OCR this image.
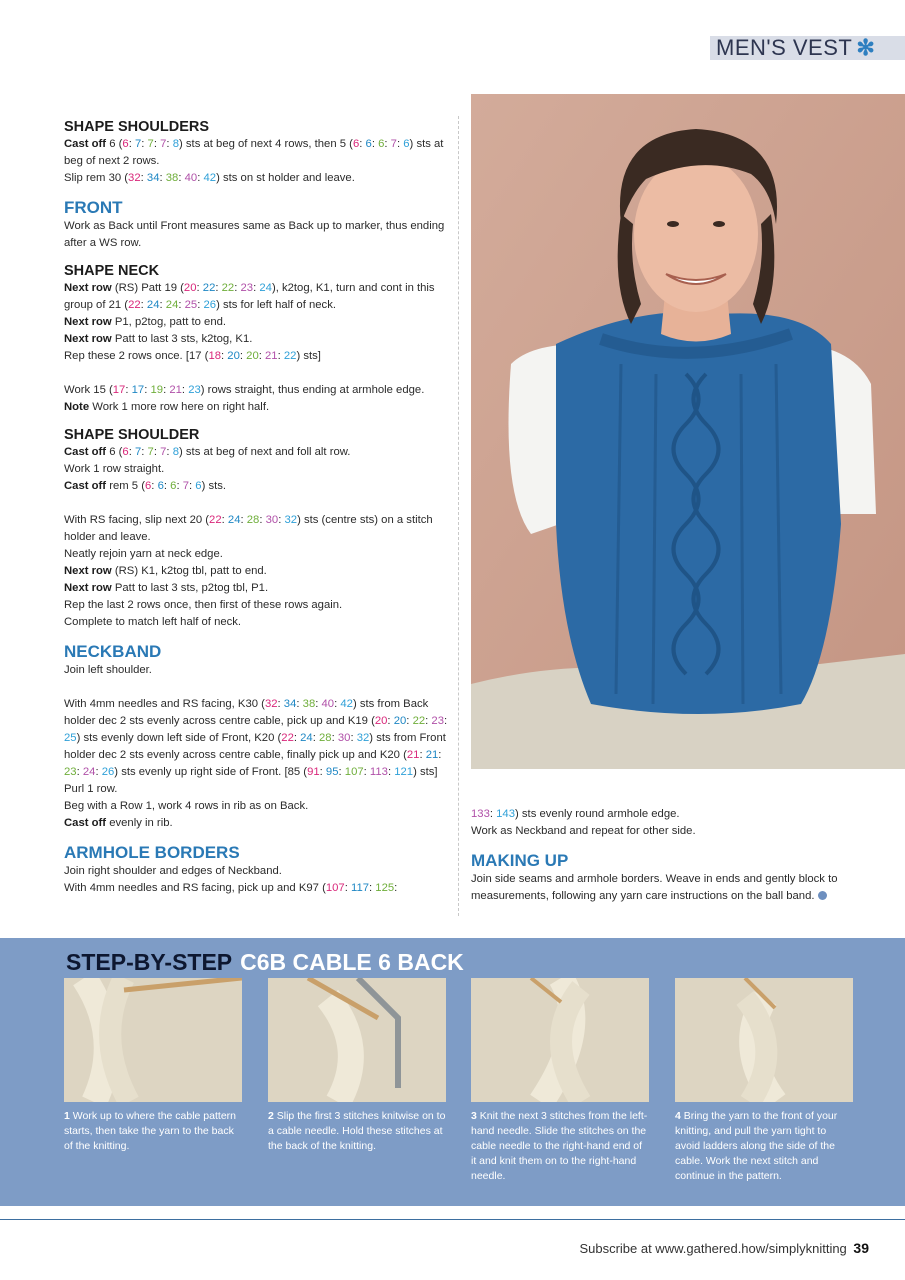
MEN'S VEST ✻
SHAPE SHOULDERS

Cast off 6 (6: 7: 7: 7: 8) sts at beg of next 4 rows, then 5 (6: 6: 6: 7: 6) sts at beg of next 2 rows.
Slip rem 30 (32: 34: 38: 40: 42) sts on st holder and leave.

FRONT

Work as Back until Front measures same as Back up to marker, thus ending after a WS row.

SHAPE NECK

Next row (RS) Patt 19 (20: 22: 22: 23: 24), k2tog, K1, turn and cont in this group of 21 (22: 24: 24: 25: 26) sts for left half of neck.
Next row P1, p2tog, patt to end.
Next row Patt to last 3 sts, k2tog, K1.
Rep these 2 rows once. [17 (18: 20: 20: 21: 22) sts]

Work 15 (17: 17: 19: 21: 23) rows straight, thus ending at armhole edge.
Note Work 1 more row here on right half.

SHAPE SHOULDER

Cast off 6 (6: 7: 7: 7: 8) sts at beg of next and foll alt row.
Work 1 row straight.
Cast off rem 5 (6: 6: 6: 7: 6) sts.

With RS facing, slip next 20 (22: 24: 28: 30: 32) sts (centre sts) on a stitch holder and leave.
Neatly rejoin yarn at neck edge.
Next row (RS) K1, k2tog tbl, patt to end.
Next row Patt to last 3 sts, p2tog tbl, P1.
Rep the last 2 rows once, then first of these rows again.
Complete to match left half of neck.

NECKBAND

Join left shoulder.

With 4mm needles and RS facing, K30 (32: 34: 38: 40: 42) sts from Back holder dec 2 sts evenly across centre cable, pick up and K19 (20: 20: 22: 23: 25) sts evenly down left side of Front, K20 (22: 24: 28: 30: 32) sts from Front holder dec 2 sts evenly across centre cable, finally pick up and K20 (21: 21: 23: 24: 26) sts evenly up right side of Front. [85 (91: 95: 107: 113: 121) sts]
Purl 1 row.
Beg with a Row 1, work 4 rows in rib as on Back.
Cast off evenly in rib.

ARMHOLE BORDERS

Join right shoulder and edges of Neckband.

With 4mm needles and RS facing, pick up and K97 (107: 117: 125:

133: 143) sts evenly round armhole edge.

Work as Neckband and repeat for other side.

MAKING UP

Join side seams and armhole borders. Weave in ends and gently block to measurements, following any yarn care instructions on the ball band.

STEP-BY-STEP C6B CABLE 6 BACK
1 Work up to where the cable pattern starts, then take the yarn to the back of the knitting.
2 Slip the first 3 stitches knitwise on to a cable needle. Hold these stitches at the back of the knitting.
3 Knit the next 3 stitches from the left-hand needle. Slide the stitches on the cable needle to the right-hand end of it and knit them on to the right-hand needle.
4 Bring the yarn to the front of your knitting, and pull the yarn tight to avoid ladders along the side of the cable. Work the next stitch and continue in the pattern.
Subscribe at www.gathered.how/simplyknitting 39
